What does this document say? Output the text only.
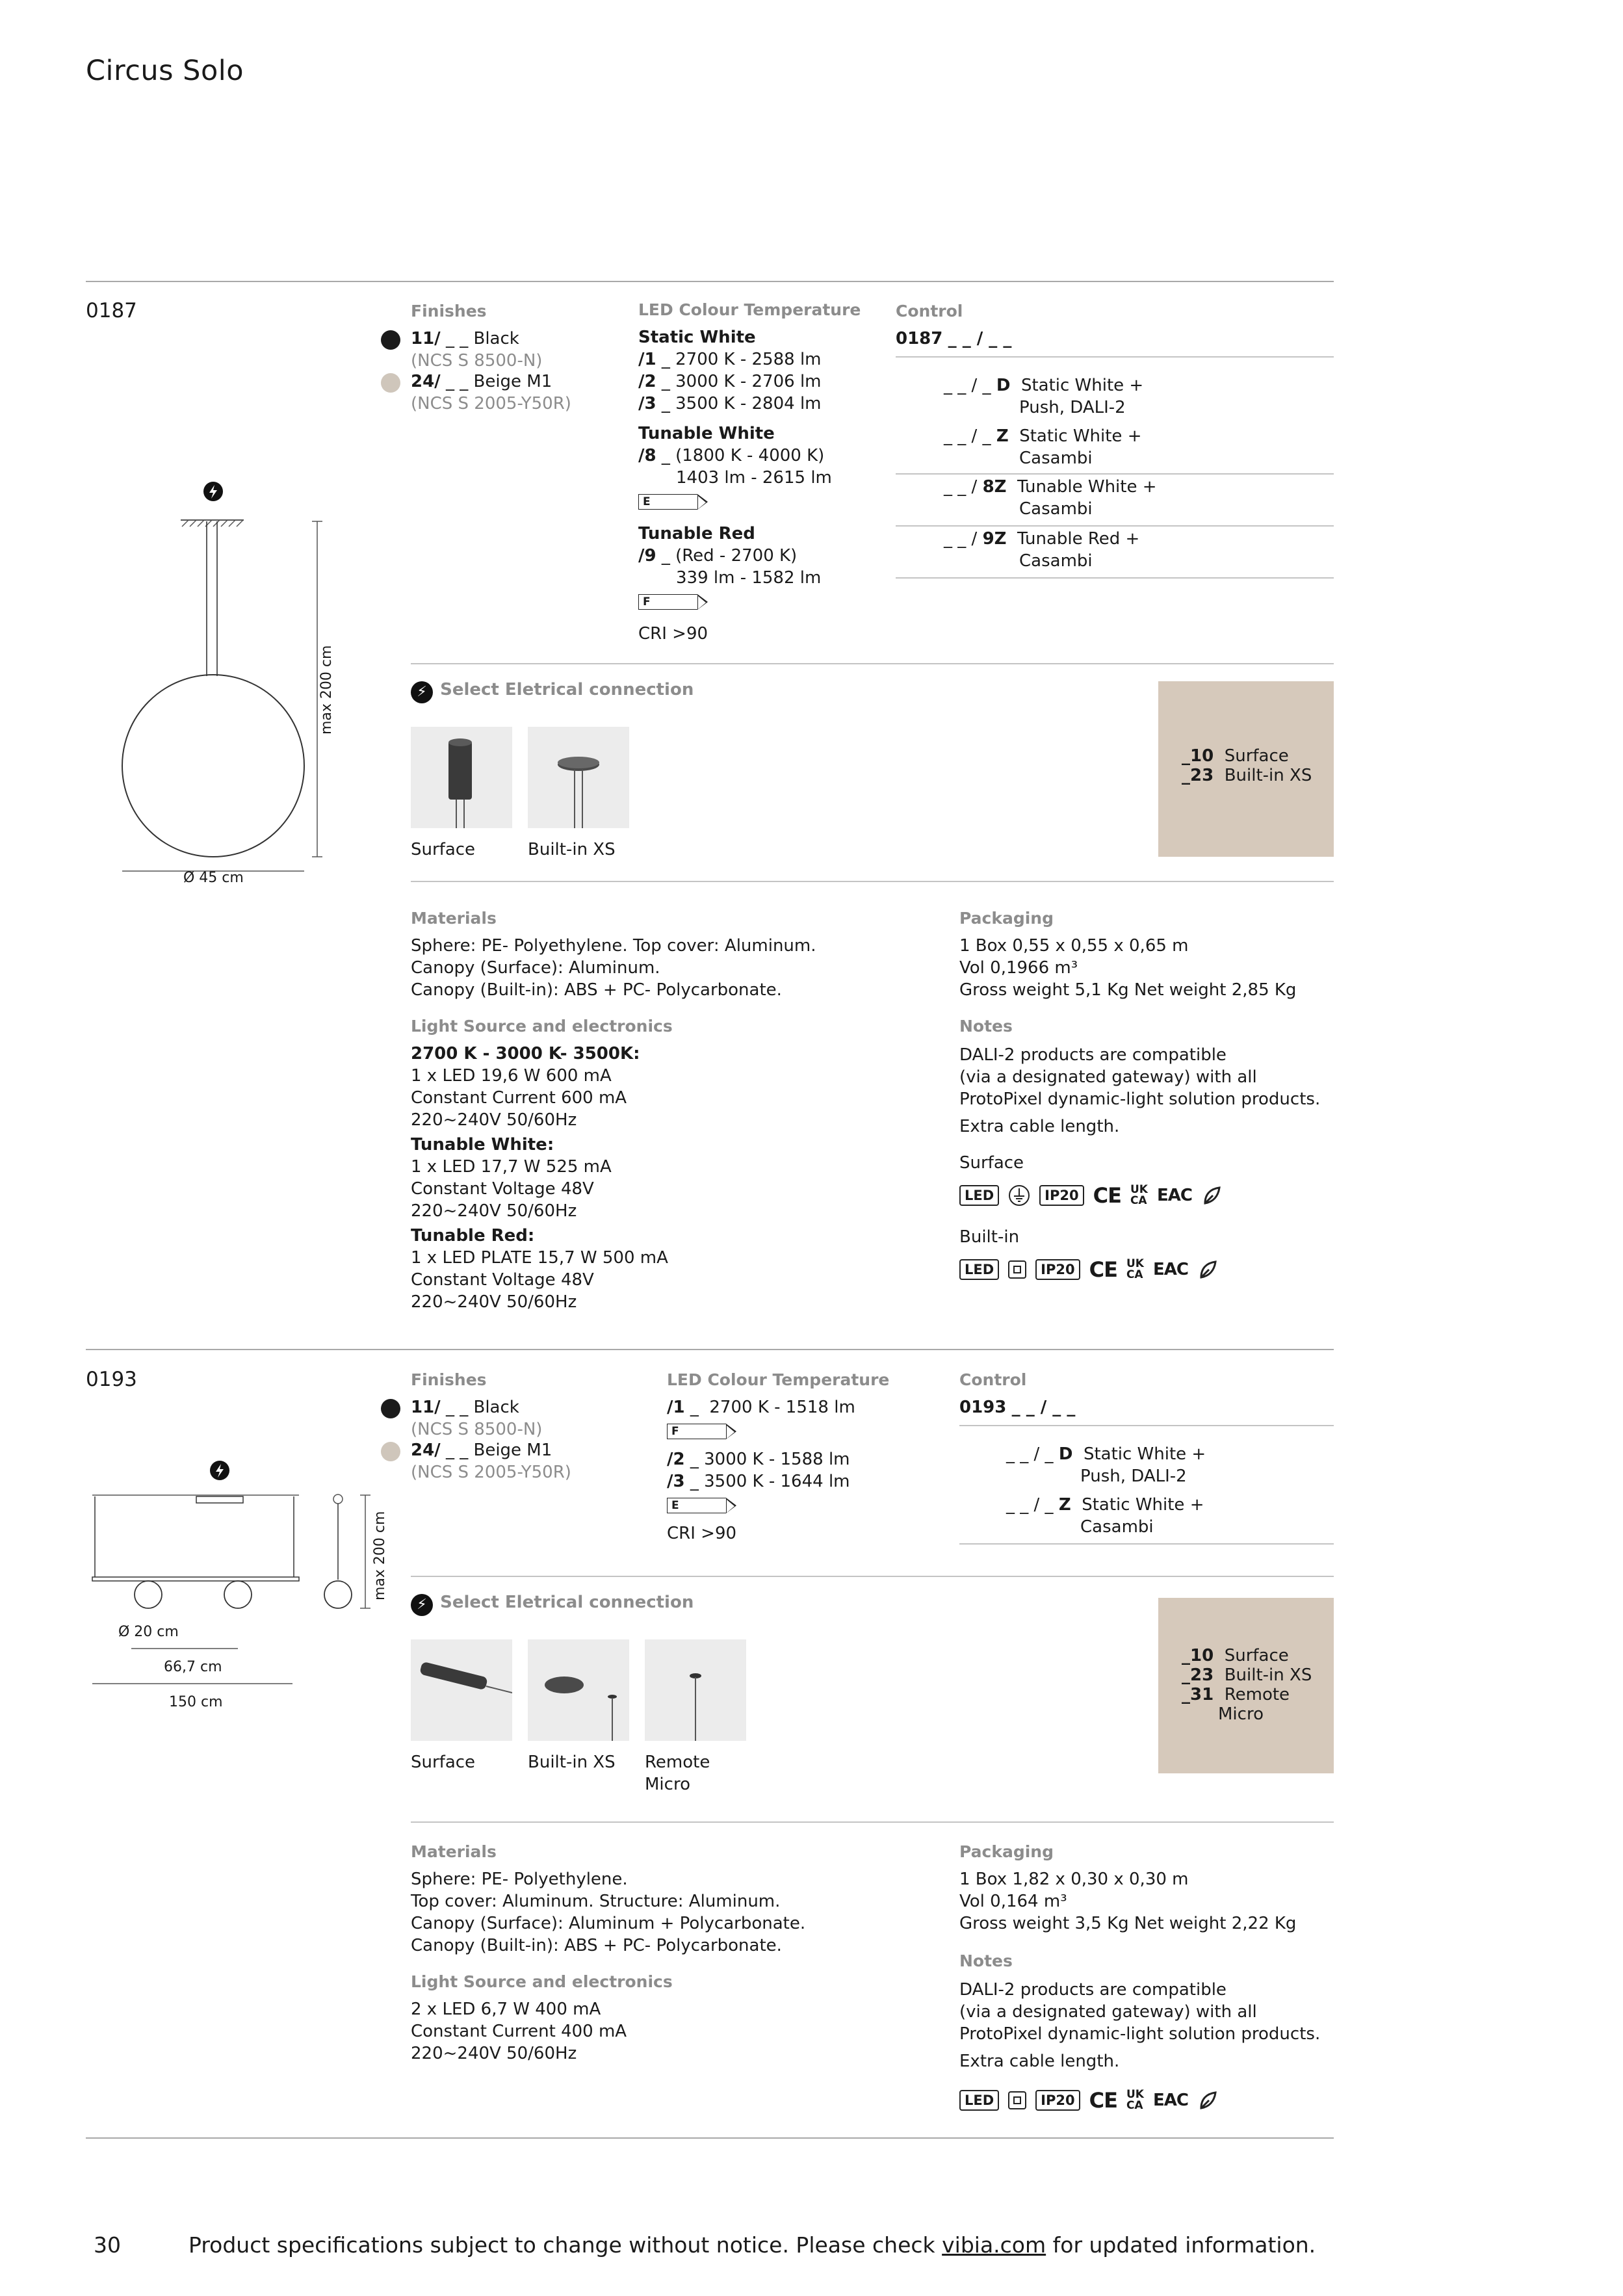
Circus Solo
0187
max 200 cm
Ø 45 cm
Finishes
11/ _ _ Black
(NCS S 8500-N)
24/ _ _ Beige M1
(NCS S 2005-Y50R)
LED Colour Temperature
Static White
/1 _ 2700 K - 2588 lm
/2 _ 3000 K - 2706 lm
/3 _ 3500 K - 2804 lm
Tunable White
/8 _ (1800 K - 4000 K)
1403 lm - 2615 lm
E
Tunable Red
/9 _ (Red - 2700 K)
339 lm - 1582 lm
F
CRI >90
Control
0187 _ _ / _ _
_ _ / _ D Static White +
Push, DALI-2
_ _ / _ Z Static White +
Casambi
_ _ / 8Z Tunable White +
Casambi
_ _ / 9Z Tunable Red +
Casambi
⚡ Select Eletrical connection
Surface	Built-in XS
_10 Surface
_23 Built-in XS
Materials
Sphere: PE- Polyethylene. Top cover: Aluminum.
Canopy (Surface): Aluminum.
Canopy (Built-in): ABS + PC- Polycarbonate.
Light Source and electronics
2700 K - 3000 K- 3500K:
1 x LED 19,6 W 600 mA
Constant Current 600 mA
220~240V 50/60Hz
Tunable White:
1 x LED 17,7 W 525 mA
Constant Voltage 48V
220~240V 50/60Hz
Tunable Red:
1 x LED PLATE 15,7 W 500 mA
Constant Voltage 48V
220~240V 50/60Hz
Packaging
1 Box 0,55 x 0,55 x 0,65 m
Vol 0,1966 m³
Gross weight 5,1 Kg Net weight 2,85 Kg
Notes
DALI-2 products are compatible
(via a designated gateway) with all
ProtoPixel dynamic-light solution products.
Extra cable length.
Surface
LED	IP20 CE UK
CA EAC
Built-in
LED	IP20 CE UK
CA EAC
0193
max 200 cm
Ø 20 cm
66,7 cm
150 cm
Finishes
11/ _ _ Black
(NCS S 8500-N)
24/ _ _ Beige M1
(NCS S 2005-Y50R)
LED Colour Temperature
/1 _ 2700 K - 1518 lm
F
/2 _ 3000 K - 1588 lm
/3 _ 3500 K - 1644 lm
E
CRI >90
Control
0193 _ _ / _ _
_ _ / _ D Static White +
Push, DALI-2
_ _ / _ Z Static White +
Casambi
⚡ Select Eletrical connection
Surface	Built-in XS Remote
Micro
_10 Surface
_23 Built-in XS
_31 Remote
Micro
Materials
Sphere: PE- Polyethylene.
Top cover: Aluminum. Structure: Aluminum.
Canopy (Surface): Aluminum + Polycarbonate.
Canopy (Built-in): ABS + PC- Polycarbonate.
Light Source and electronics
2 x LED 6,7 W 400 mA
Constant Current 400 mA
220~240V 50/60Hz
Packaging
1 Box 1,82 x 0,30 x 0,30 m
Vol 0,164 m³
Gross weight 3,5 Kg Net weight 2,22 Kg
Notes
DALI-2 products are compatible
(via a designated gateway) with all
ProtoPixel dynamic-light solution products.
Extra cable length.
LED	IP20 CE UK
CA EAC
30	Product specifications subject to change without notice. Please check vibia.com for updated information.
